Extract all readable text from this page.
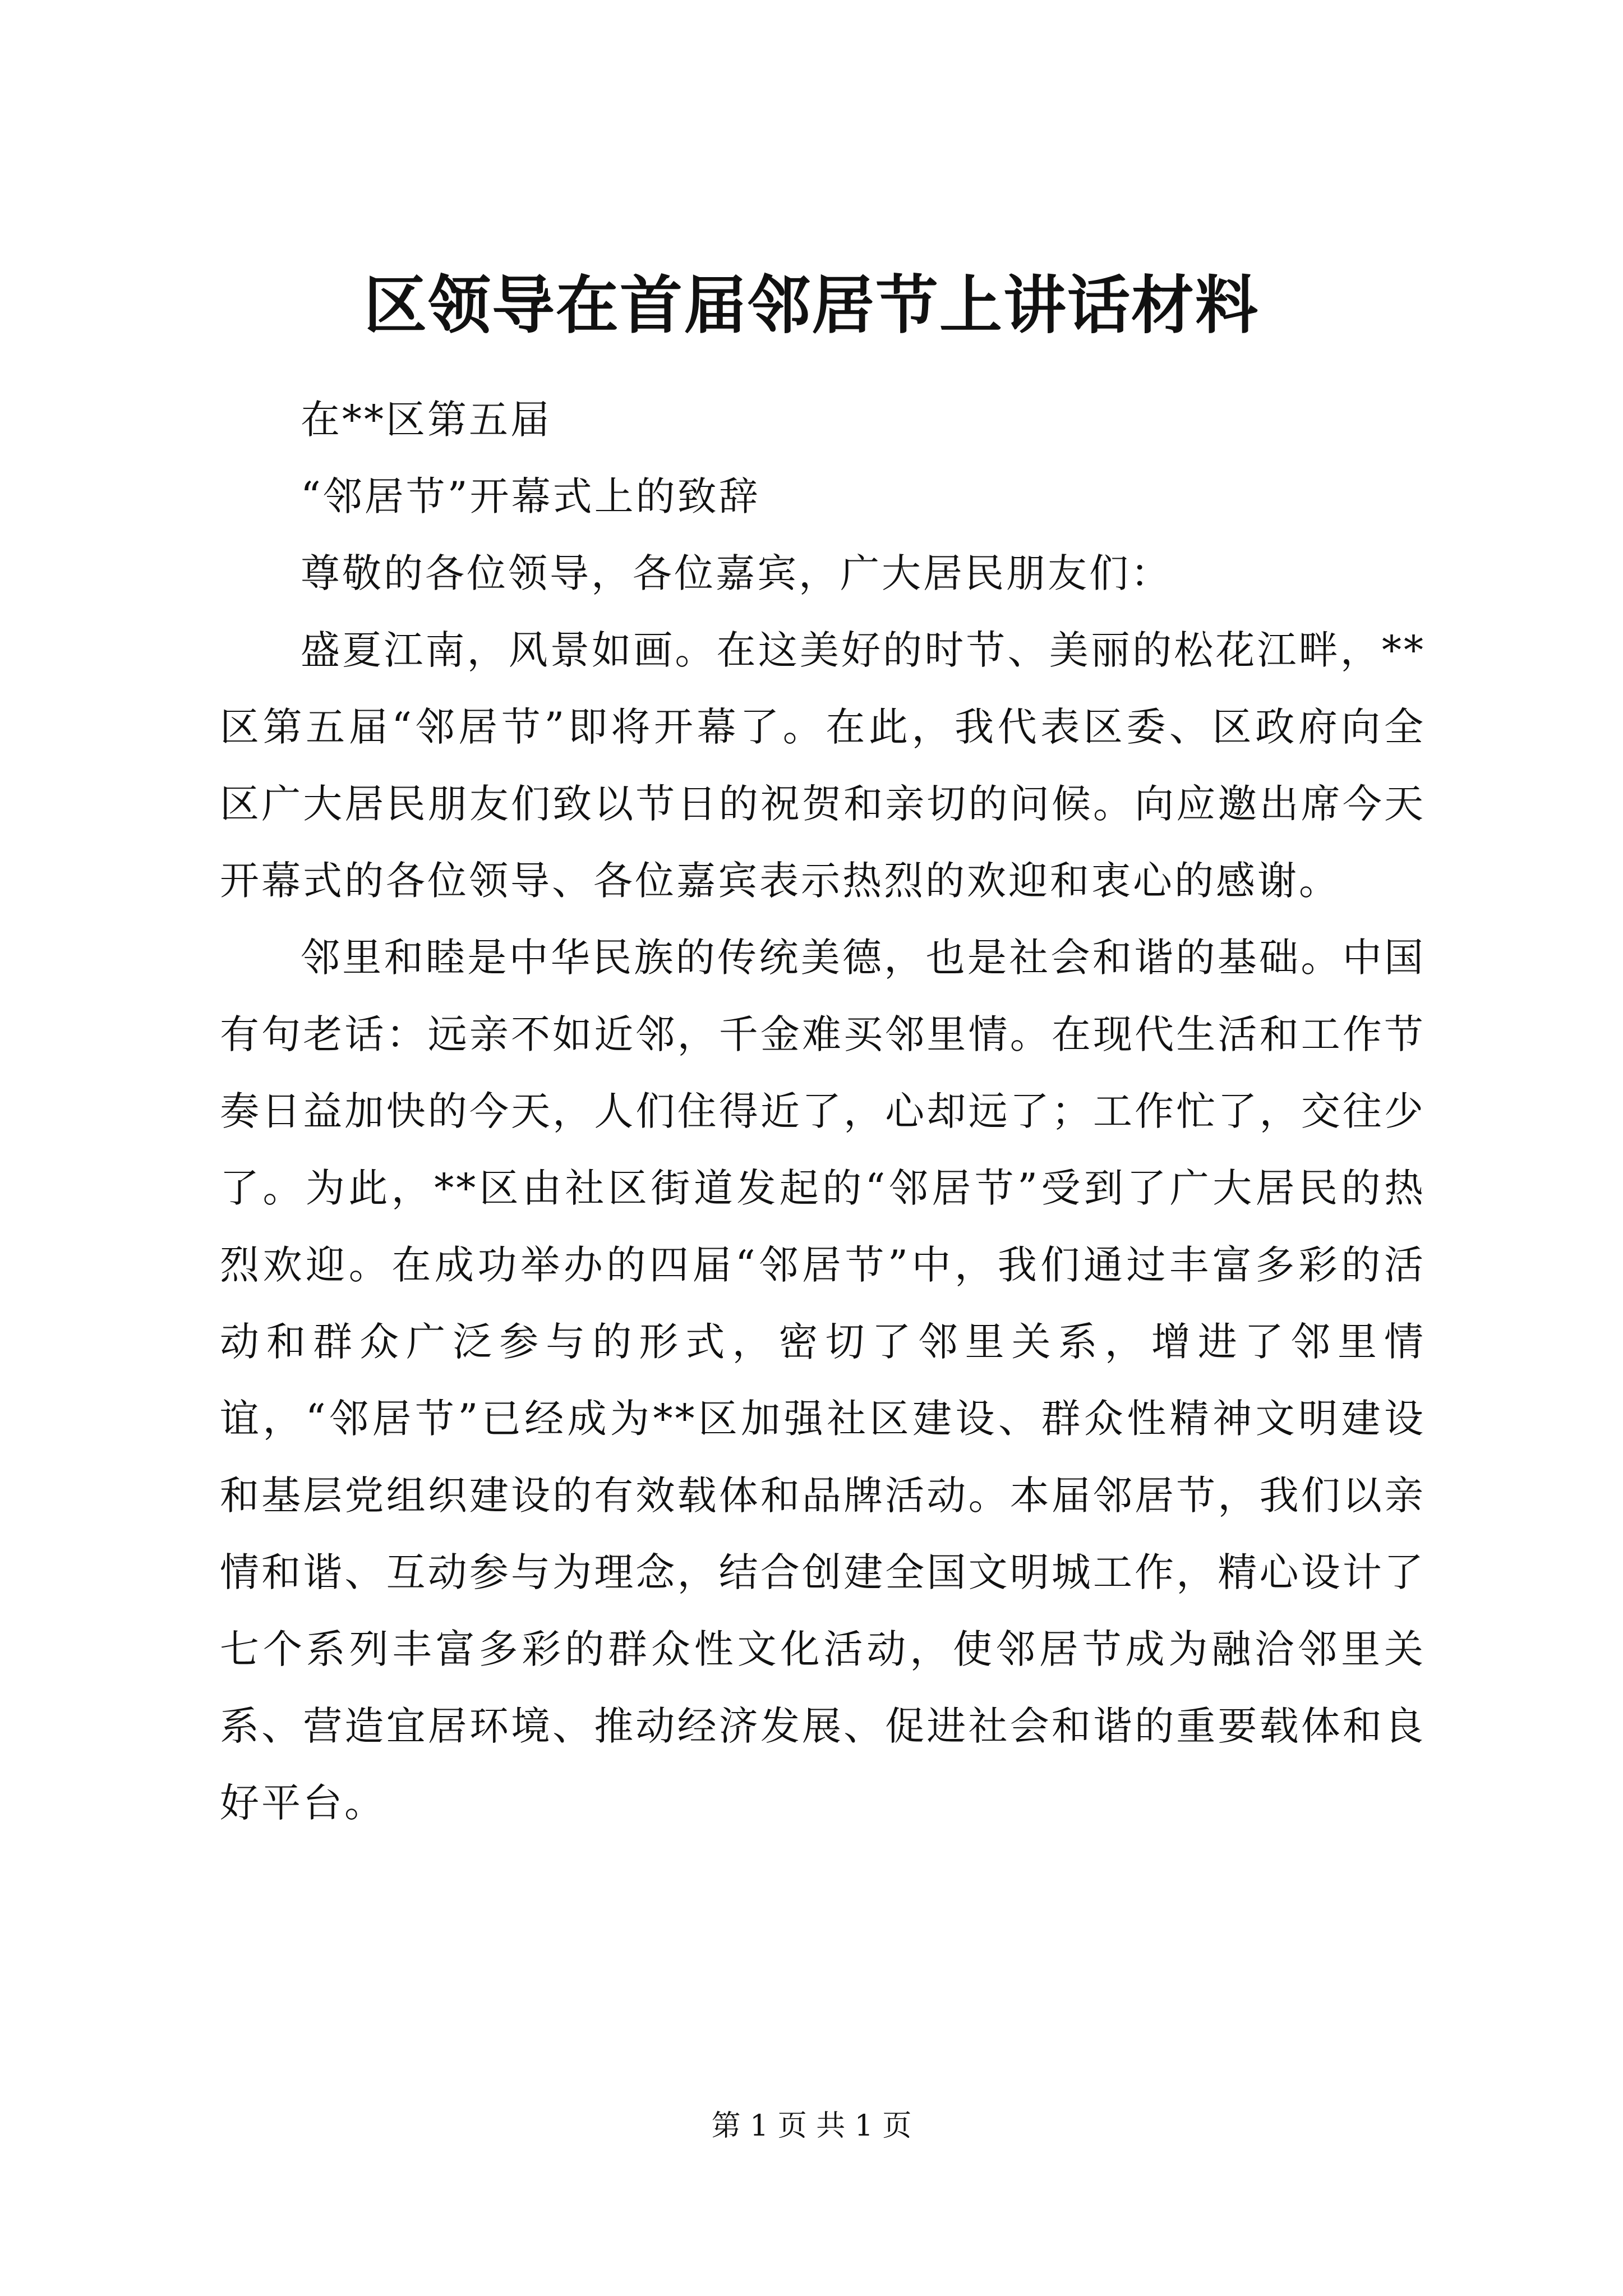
区领导在首届邻居节上讲话材料

在**区第五届

“邻居节”开幕式上的致辞

尊敬的各位领导，各位嘉宾，广大居民朋友们：

盛夏江南，风景如画。在这美好的时节、美丽的松花江畔，**区第五届“邻居节”即将开幕了。在此，我代表区委、区政府向全区广大居民朋友们致以节日的祝贺和亲切的问候。向应邀出席今天开幕式的各位领导、各位嘉宾表示热烈的欢迎和衷心的感谢。

邻里和睦是中华民族的传统美德，也是社会和谐的基础。中国有句老话：远亲不如近邻，千金难买邻里情。在现代生活和工作节奏日益加快的今天，人们住得近了，心却远了；工作忙了，交往少了。为此，**区由社区街道发起的“邻居节”受到了广大居民的热烈欢迎。在成功举办的四届“邻居节”中，我们通过丰富多彩的活动和群众广泛参与的形式，密切了邻里关系，增进了邻里情谊，“邻居节”已经成为**区加强社区建设、群众性精神文明建设和基层党组织建设的有效载体和品牌活动。本届邻居节，我们以亲情和谐、互动参与为理念，结合创建全国文明城工作，精心设计了七个系列丰富多彩的群众性文化活动，使邻居节成为融洽邻里关系、营造宜居环境、推动经济发展、促进社会和谐的重要载体和良好平台。

第 1 页 共 1 页
